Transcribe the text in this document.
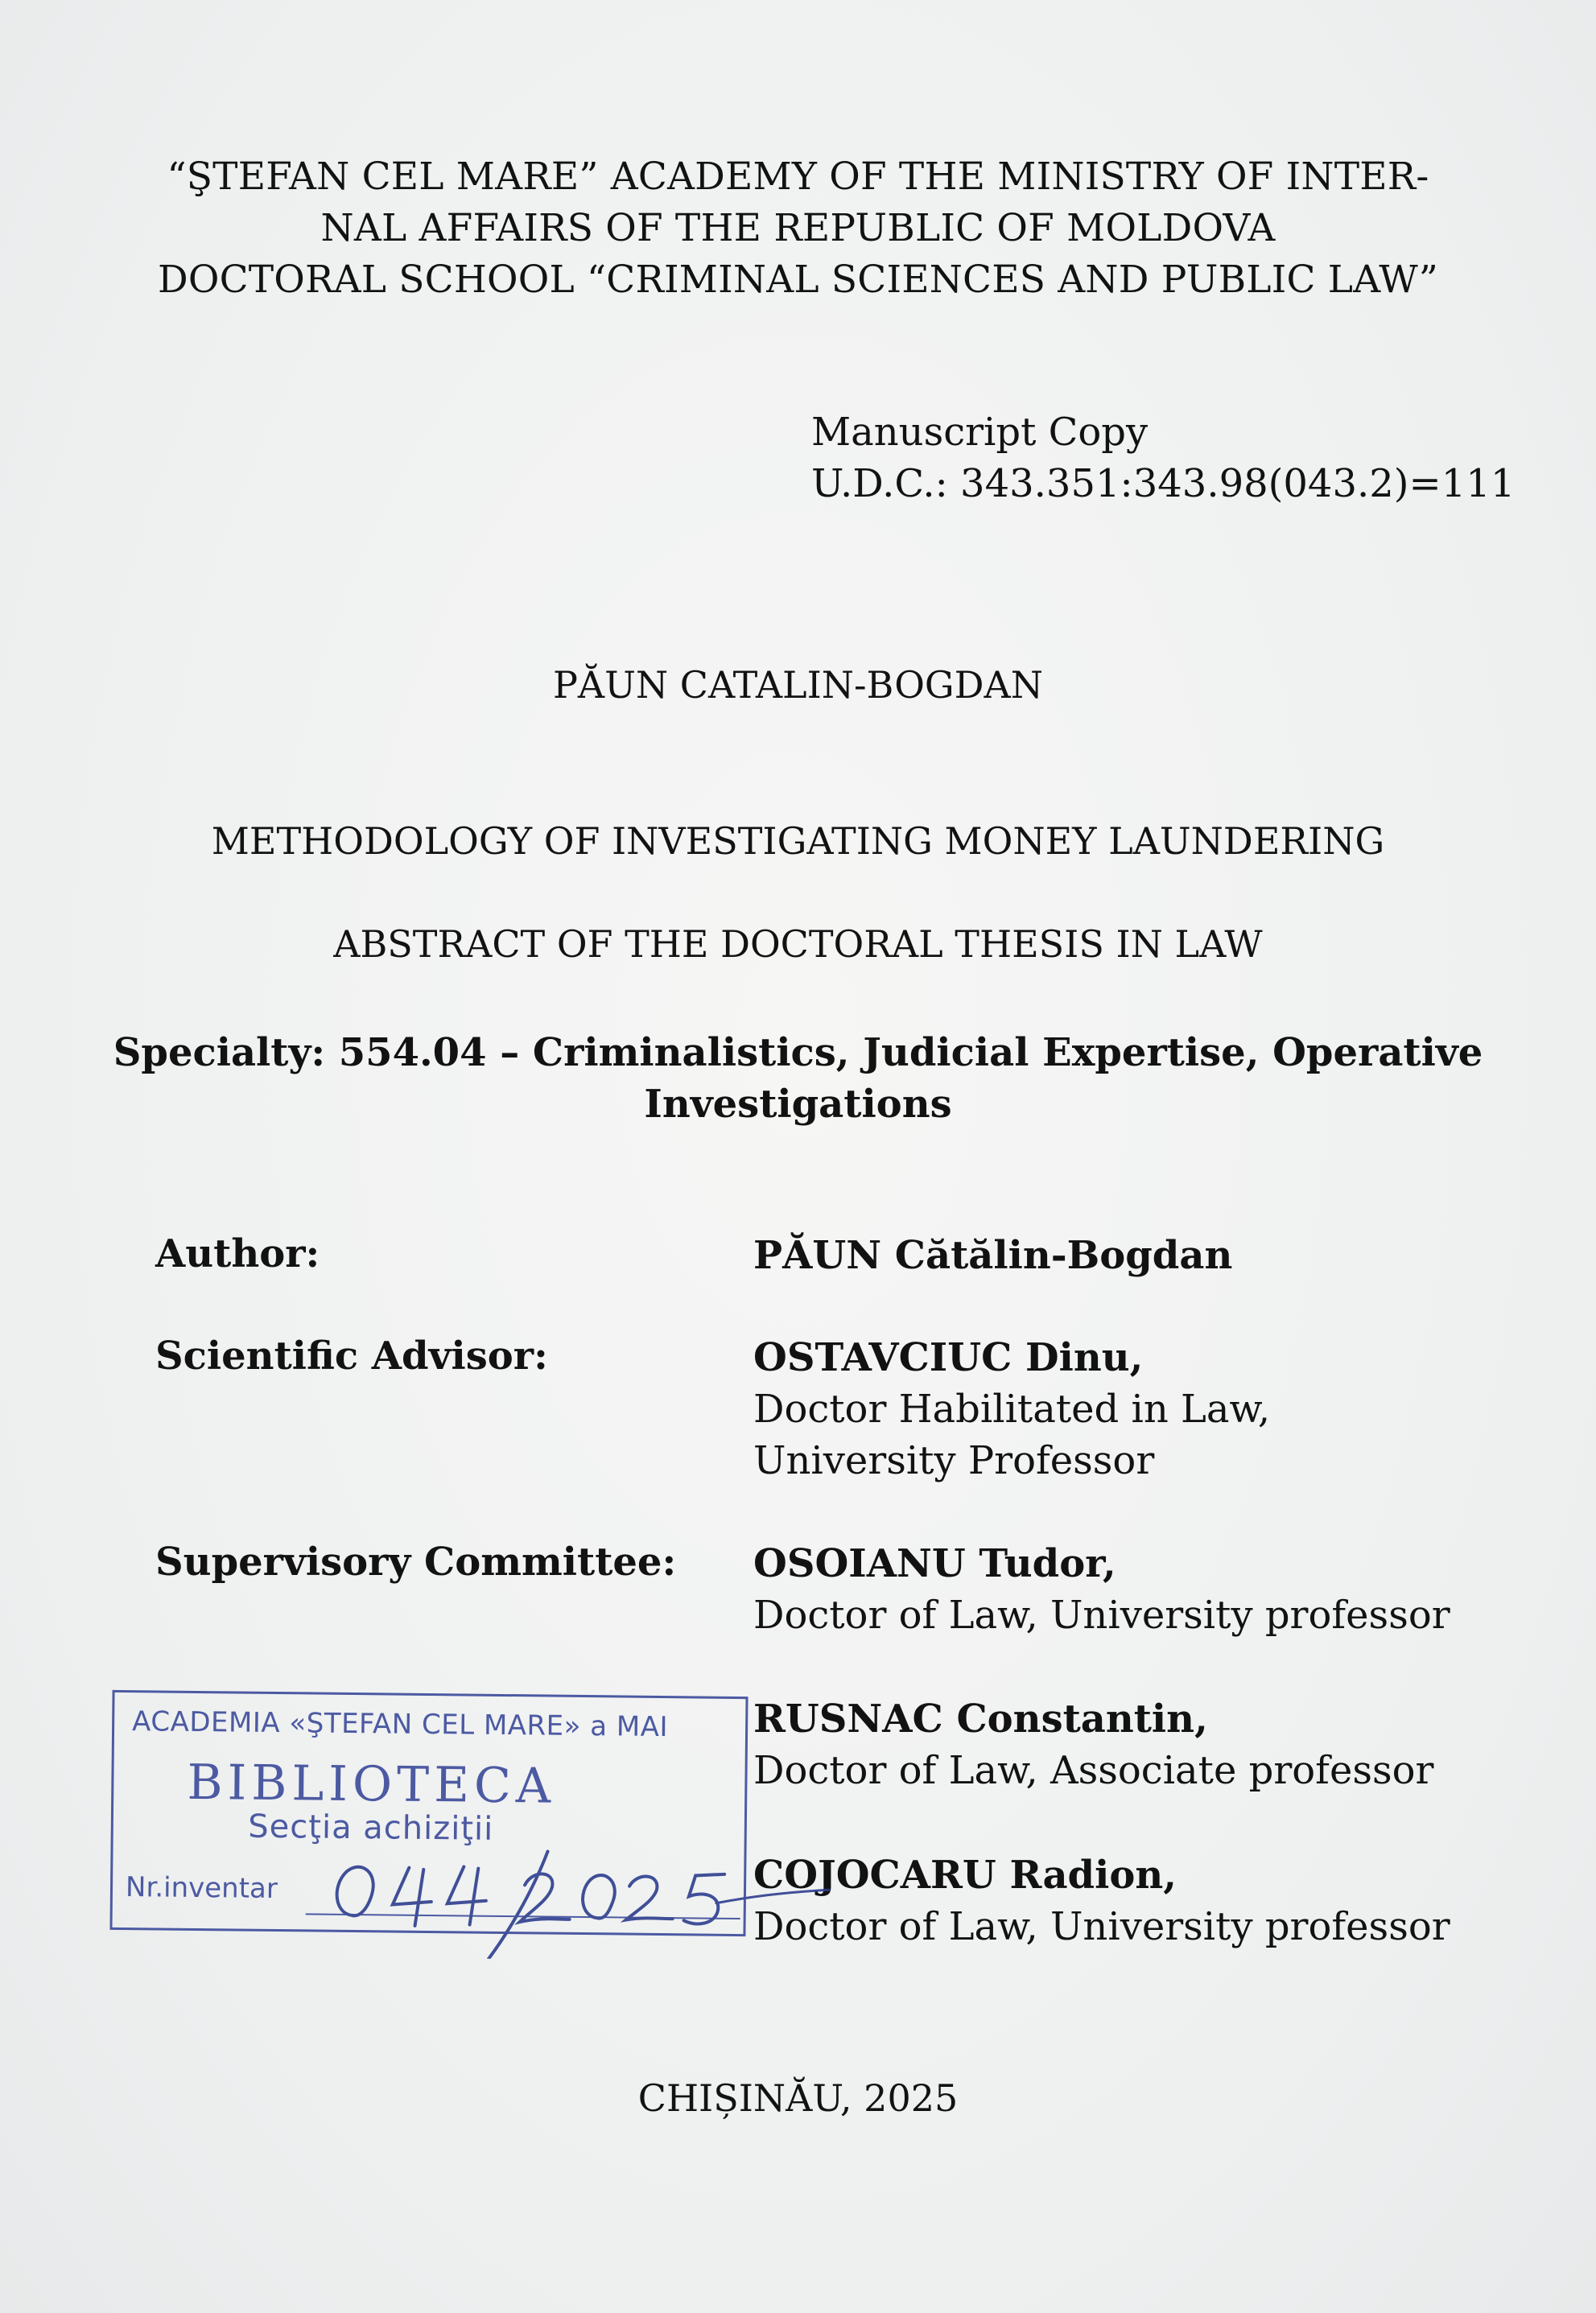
“ŞTEFAN CEL MARE” ACADEMY OF THE MINISTRY OF INTER-
NAL AFFAIRS OF THE REPUBLIC OF MOLDOVA
DOCTORAL SCHOOL “CRIMINAL SCIENCES AND PUBLIC LAW”
Manuscript Copy
U.D.C.: 343.351:343.98(043.2)=111

PĂUN CATALIN-BOGDAN

METHODOLOGY OF INVESTIGATING MONEY LAUNDERING

ABSTRACT OF THE DOCTORAL THESIS IN LAW

Specialty: 554.04 – Criminalistics, Judicial Expertise, Operative
Investigations
Author:	PĂUN Cătălin-Bogdan
Scientific Advisor:	OSTAVCIUC Dinu,
Doctor Habilitated in Law,
University Professor
Supervisory Committee: OSOIANU Tudor,
Doctor of Law, University professor
RUSNAC Constantin,
Doctor of Law, Associate professor
COJOCARU Radion,
Doctor of Law, University professor
ACADEMIA «ŞTEFAN CEL MARE» a MAI
BIBLIOTECA
Secţia achiziţii
Nr.inventar

CHIȘINĂU, 2025
